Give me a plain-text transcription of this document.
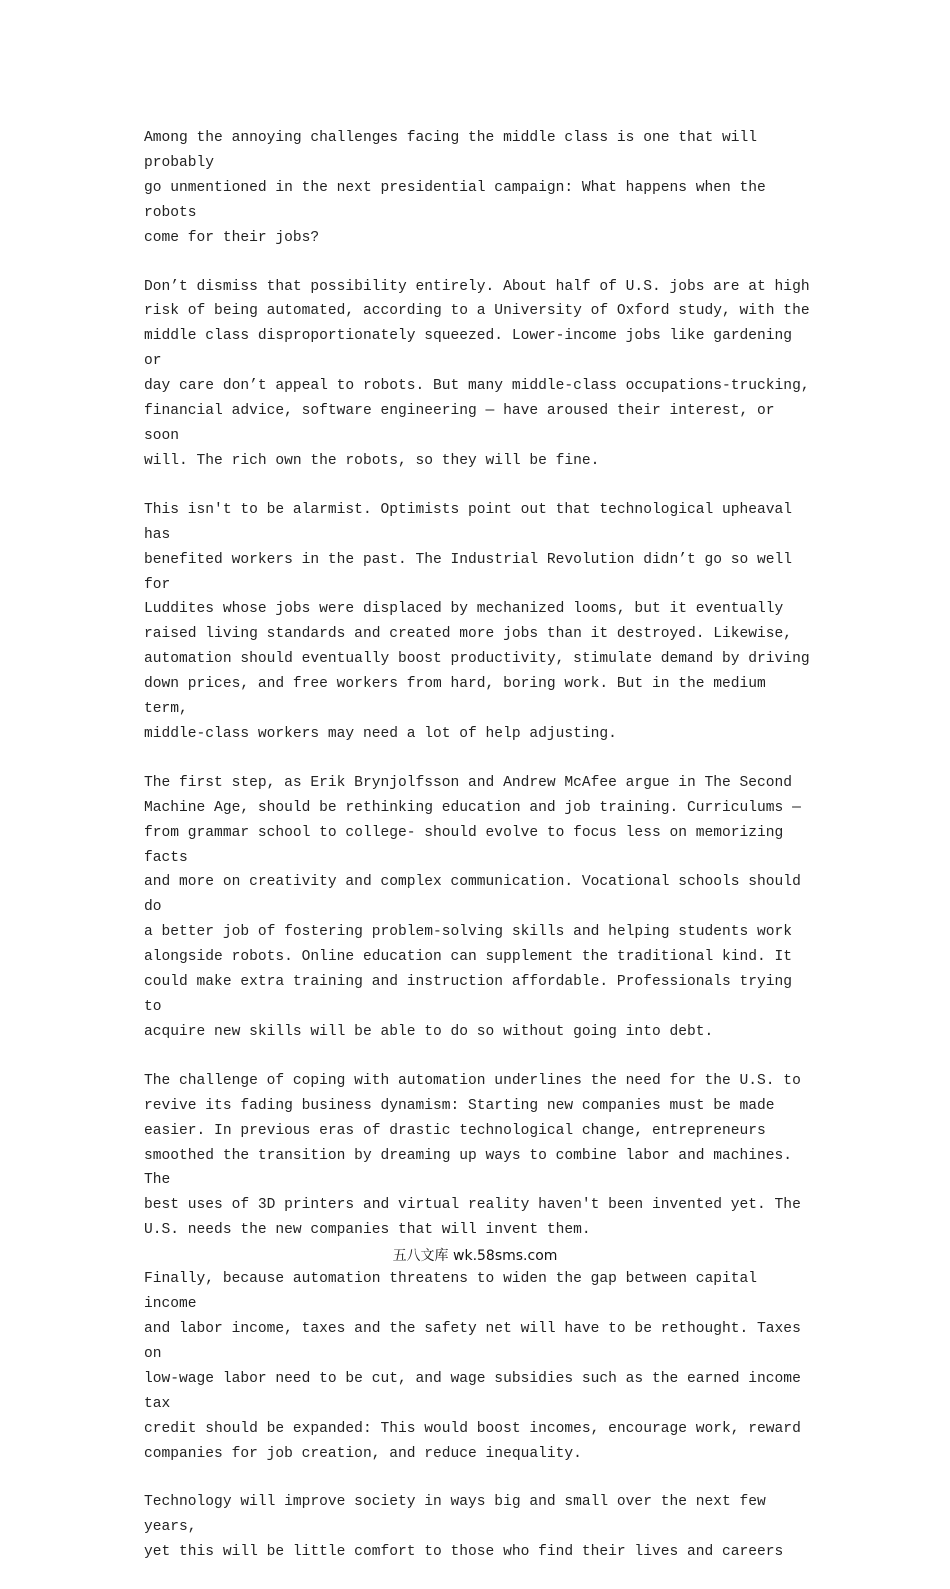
Among the annoying challenges facing the middle class is one that will probably
go unmentioned in the next presidential campaign: What happens when the robots
come for their jobs?

Don’t dismiss that possibility entirely. About half of U.S. jobs are at high
risk of being automated, according to a University of Oxford study, with the
middle class disproportionately squeezed. Lower-income jobs like gardening or
day care don’t appeal to robots. But many middle-class occupations-trucking,
financial advice, software engineering — have aroused their interest, or soon
will. The rich own the robots, so they will be fine.

This isn't to be alarmist. Optimists point out that technological upheaval has
benefited workers in the past. The Industrial Revolution didn’t go so well for
Luddites whose jobs were displaced by mechanized looms, but it eventually
raised living standards and created more jobs than it destroyed. Likewise,
automation should eventually boost productivity, stimulate demand by driving
down prices, and free workers from hard, boring work. But in the medium term,
middle-class workers may need a lot of help adjusting.

The first step, as Erik Brynjolfsson and Andrew McAfee argue in The Second
Machine Age, should be rethinking education and job training. Curriculums —
from grammar school to college- should evolve to focus less on memorizing facts
and more on creativity and complex communication. Vocational schools should do
a better job of fostering problem-solving skills and helping students work
alongside robots. Online education can supplement the traditional kind. It
could make extra training and instruction affordable. Professionals trying to
acquire new skills will be able to do so without going into debt.

The challenge of coping with automation underlines the need for the U.S. to
revive its fading business dynamism: Starting new companies must be made
easier. In previous eras of drastic technological change, entrepreneurs
smoothed the transition by dreaming up ways to combine labor and machines. The
best uses of 3D printers and virtual reality haven't been invented yet. The
U.S. needs the new companies that will invent them.

Finally, because automation threatens to widen the gap between capital income
and labor income, taxes and the safety net will have to be rethought. Taxes on
low-wage labor need to be cut, and wage subsidies such as the earned income tax
credit should be expanded: This would boost incomes, encourage work, reward
companies for job creation, and reduce inequality.

Technology will improve society in ways big and small over the next few years,
yet this will be little comfort to those who find their lives and careers

五八文库 wk.58sms.com
